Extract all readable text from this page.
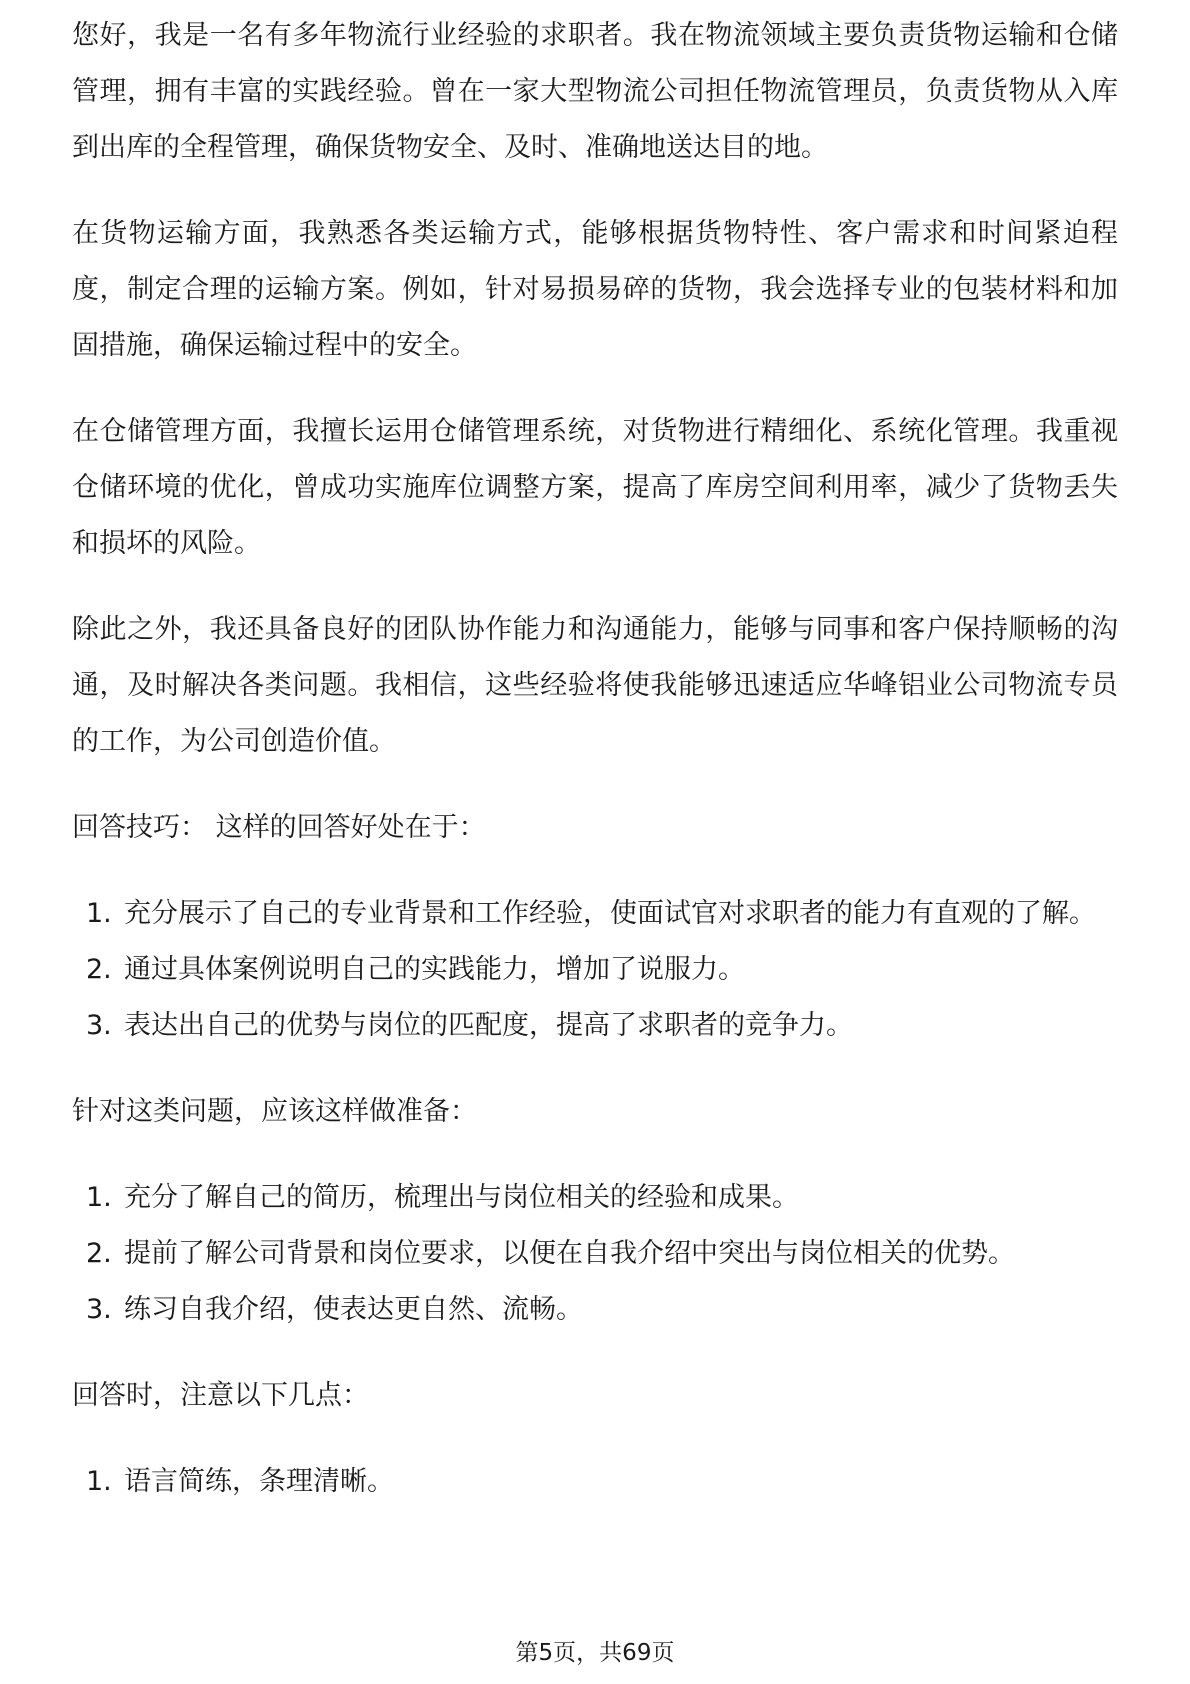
您好，我是一名有多年物流行业经验的求职者。我在物流领域主要负责货物运输和仓储管理，拥有丰富的实践经验。曾在一家大型物流公司担任物流管理员，负责货物从入库到出库的全程管理，确保货物安全、及时、准确地送达目的地。

在货物运输方面，我熟悉各类运输方式，能够根据货物特性、客户需求和时间紧迫程度，制定合理的运输方案。例如，针对易损易碎的货物，我会选择专业的包装材料和加固措施，确保运输过程中的安全。

在仓储管理方面，我擅长运用仓储管理系统，对货物进行精细化、系统化管理。我重视仓储环境的优化，曾成功实施库位调整方案，提高了库房空间利用率，减少了货物丢失和损坏的风险。

除此之外，我还具备良好的团队协作能力和沟通能力，能够与同事和客户保持顺畅的沟通，及时解决各类问题。我相信，这些经验将使我能够迅速适应华峰铝业公司物流专员的工作，为公司创造价值。

回答技巧： 这样的回答好处在于：
1. 充分展示了自己的专业背景和工作经验，使面试官对求职者的能力有直观的了解。
2. 通过具体案例说明自己的实践能力，增加了说服力。
3. 表达出自己的优势与岗位的匹配度，提高了求职者的竞争力。
针对这类问题，应该这样做准备：
1. 充分了解自己的简历，梳理出与岗位相关的经验和成果。
2. 提前了解公司背景和岗位要求，以便在自我介绍中突出与岗位相关的优势。
3. 练习自我介绍，使表达更自然、流畅。
回答时，注意以下几点：
1. 语言简练，条理清晰。
第5页，共69页
